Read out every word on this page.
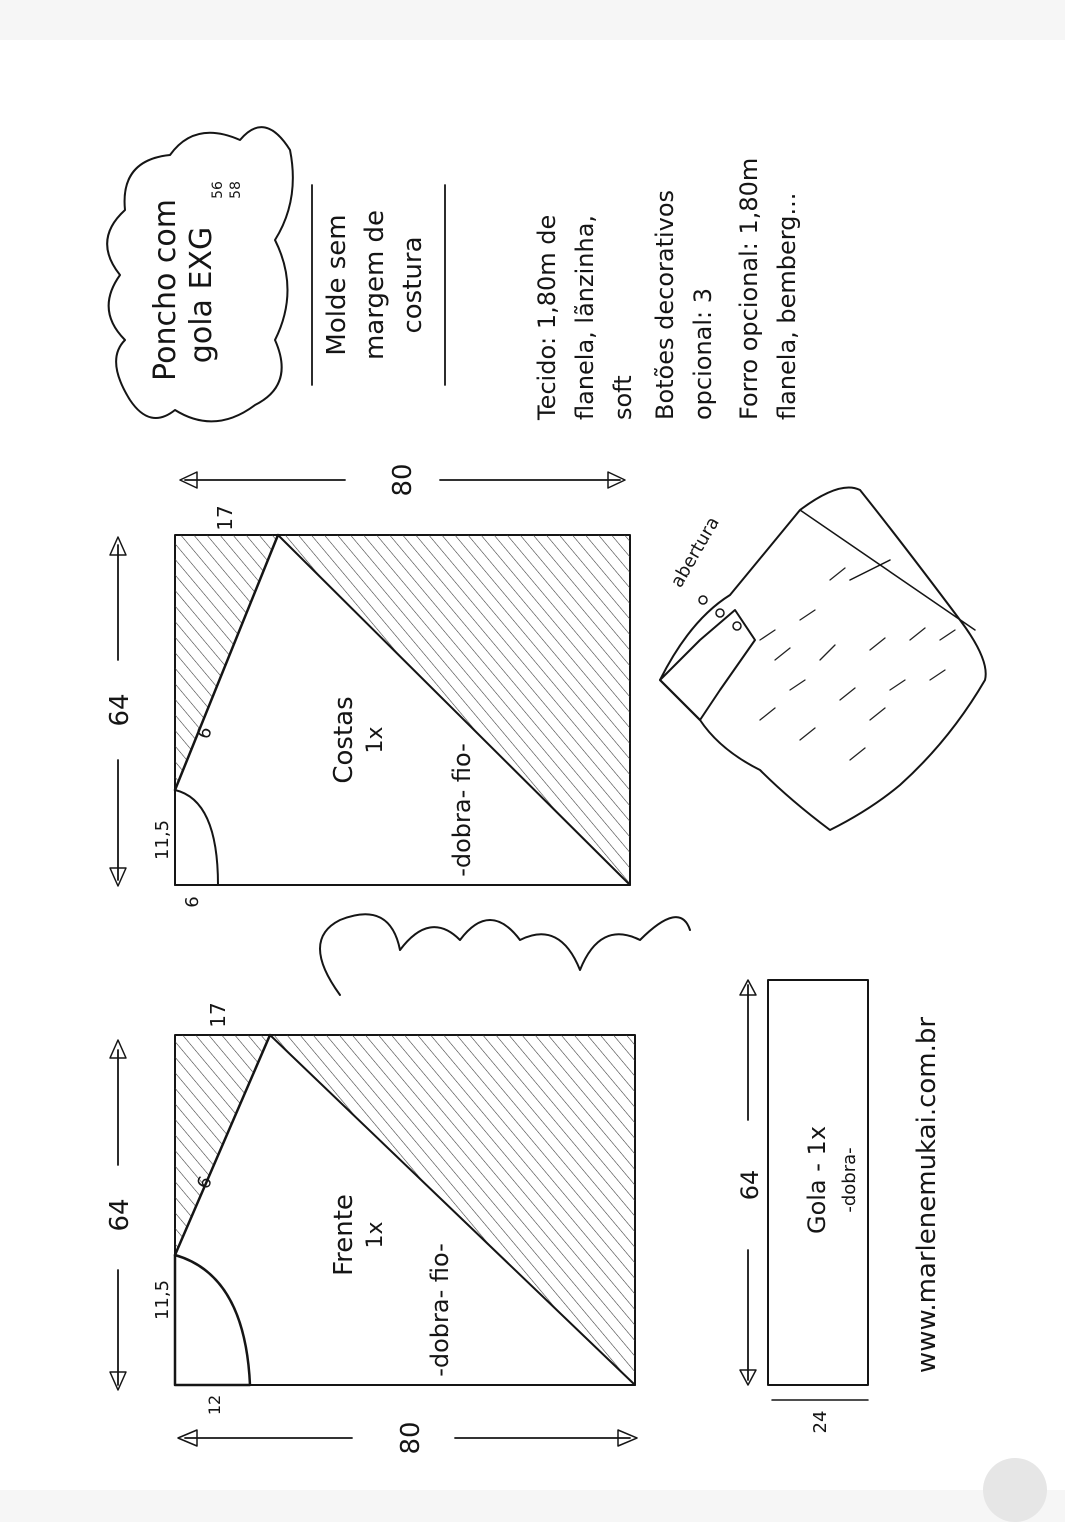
Costas 1x
-dobra- fio-
64
80
17
11,5
6
6
Frente 1x
-dobra- fio-
64
80
17
11,5
12
6	64 Gola - 1x -dobra-
24
Poncho com gola EXG
56 58
Molde sem margem de costura	Tecido: 1,80m de flanela, lãnzinha, soft Botões decorativos opcional: 3 Forro opcional: 1,80m flanela, bemberg...
abertura
Marlene Mukai
www.marlenemukai.com.br
